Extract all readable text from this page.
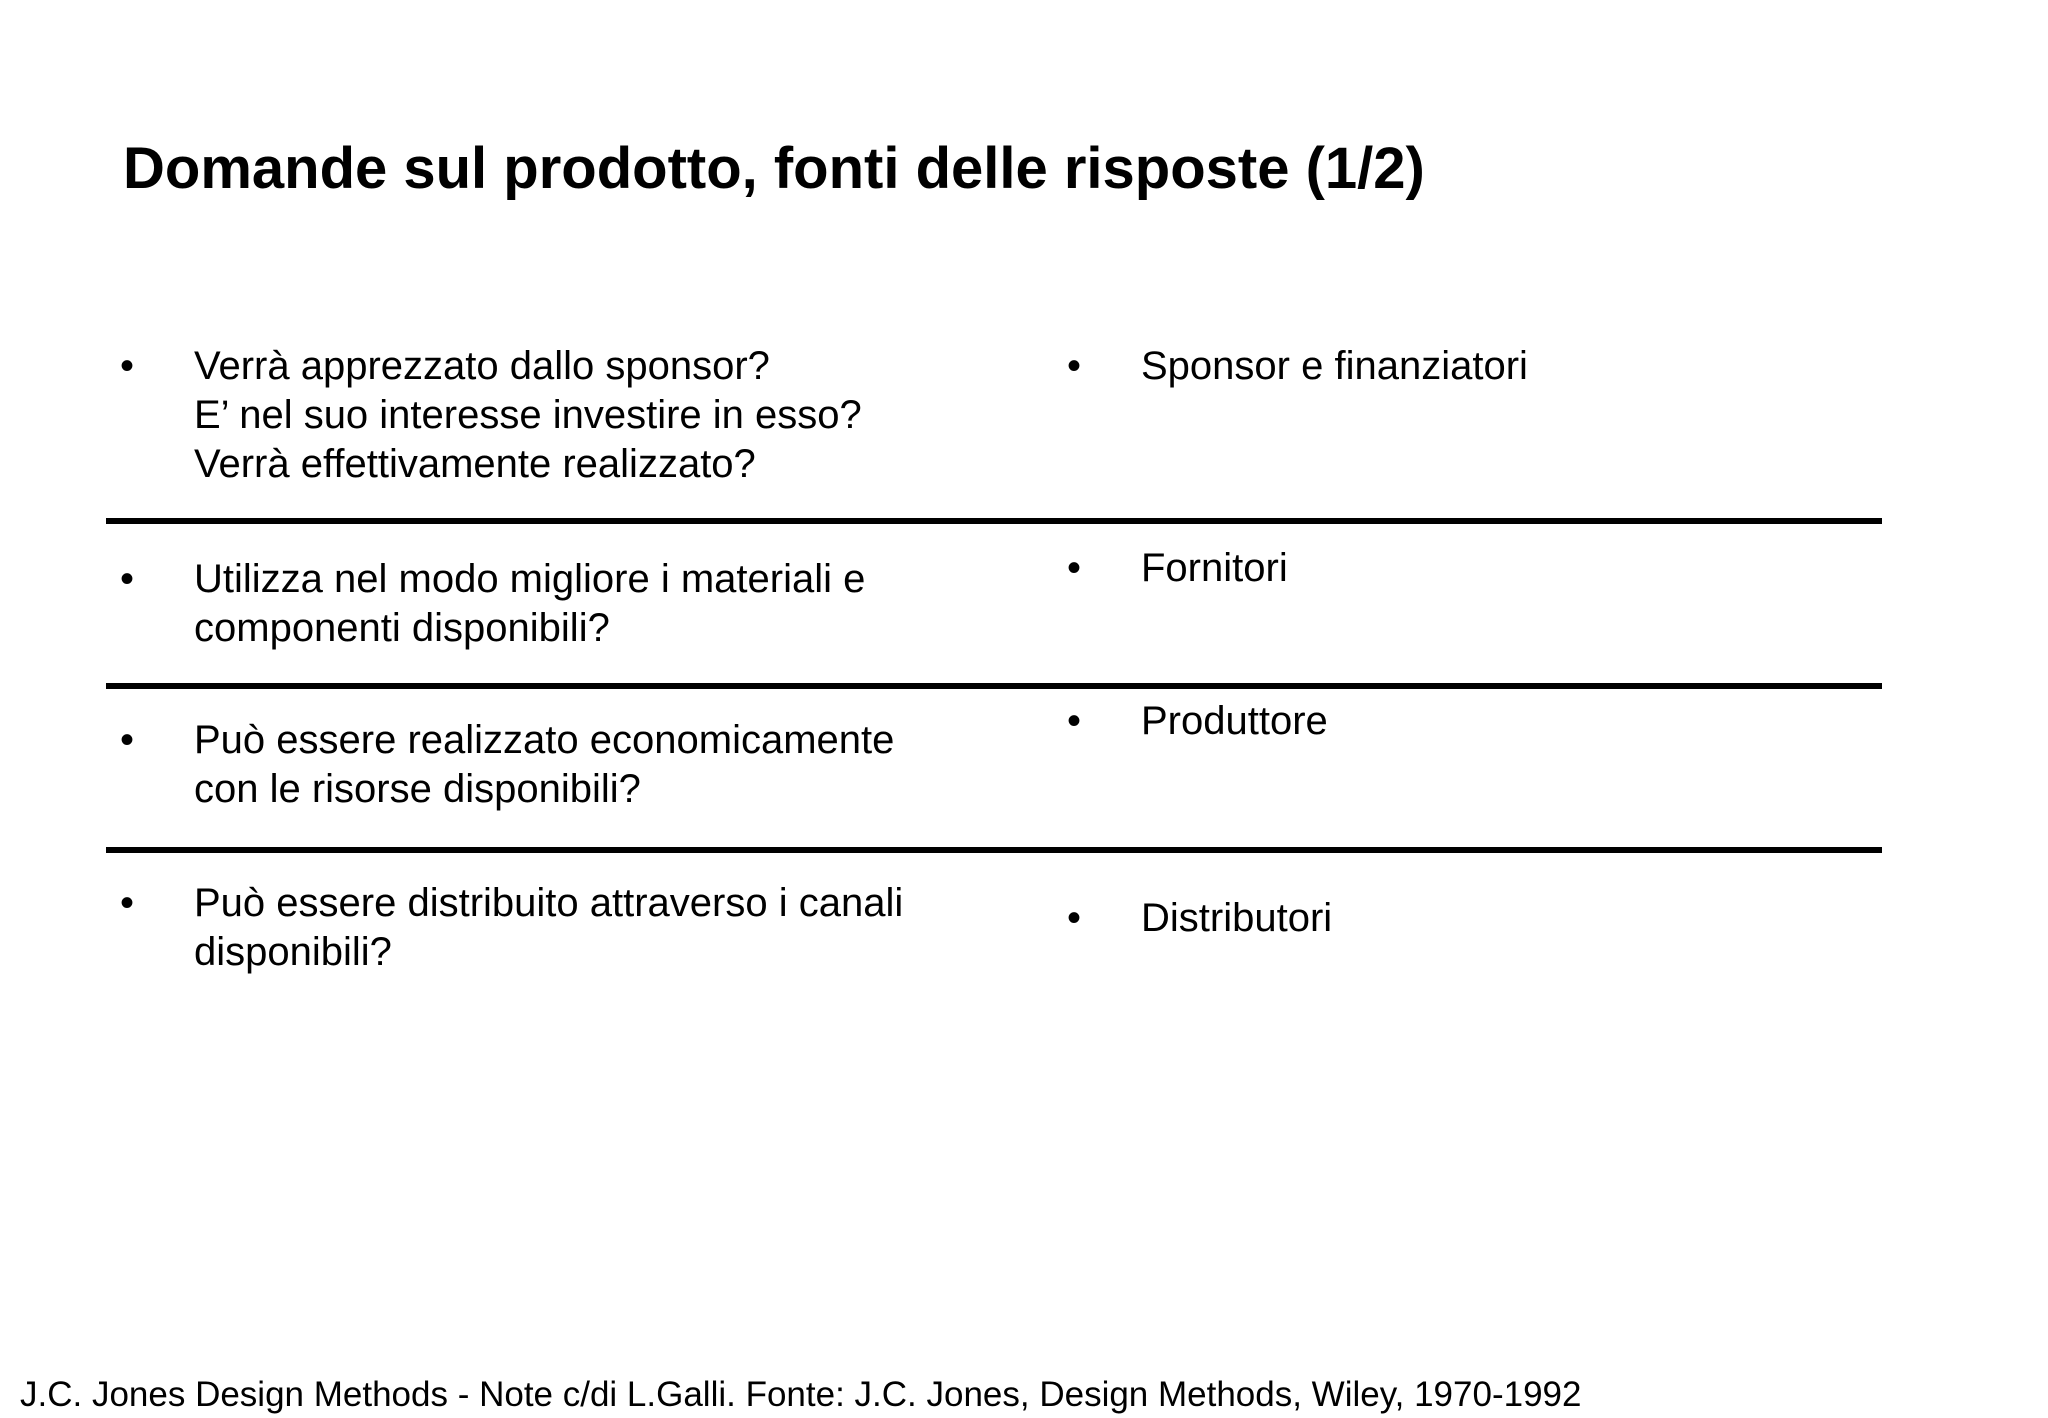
Domande sul prodotto, fonti delle risposte (1/2)
• Verrà apprezzato dallo sponsor?
E’ nel suo interesse investire in esso?
Verrà effettivamente realizzato?
• Sponsor e finanziatori
• Utilizza nel modo migliore i materiali e
componenti disponibili?
• Fornitori
• Può essere realizzato economicamente
con le risorse disponibili?
• Produttore
• Può essere distribuito attraverso i canali
disponibili?
• Distributori
J.C. Jones Design Methods - Note c/di L.Galli. Fonte: J.C. Jones, Design Methods, Wiley, 1970-1992
